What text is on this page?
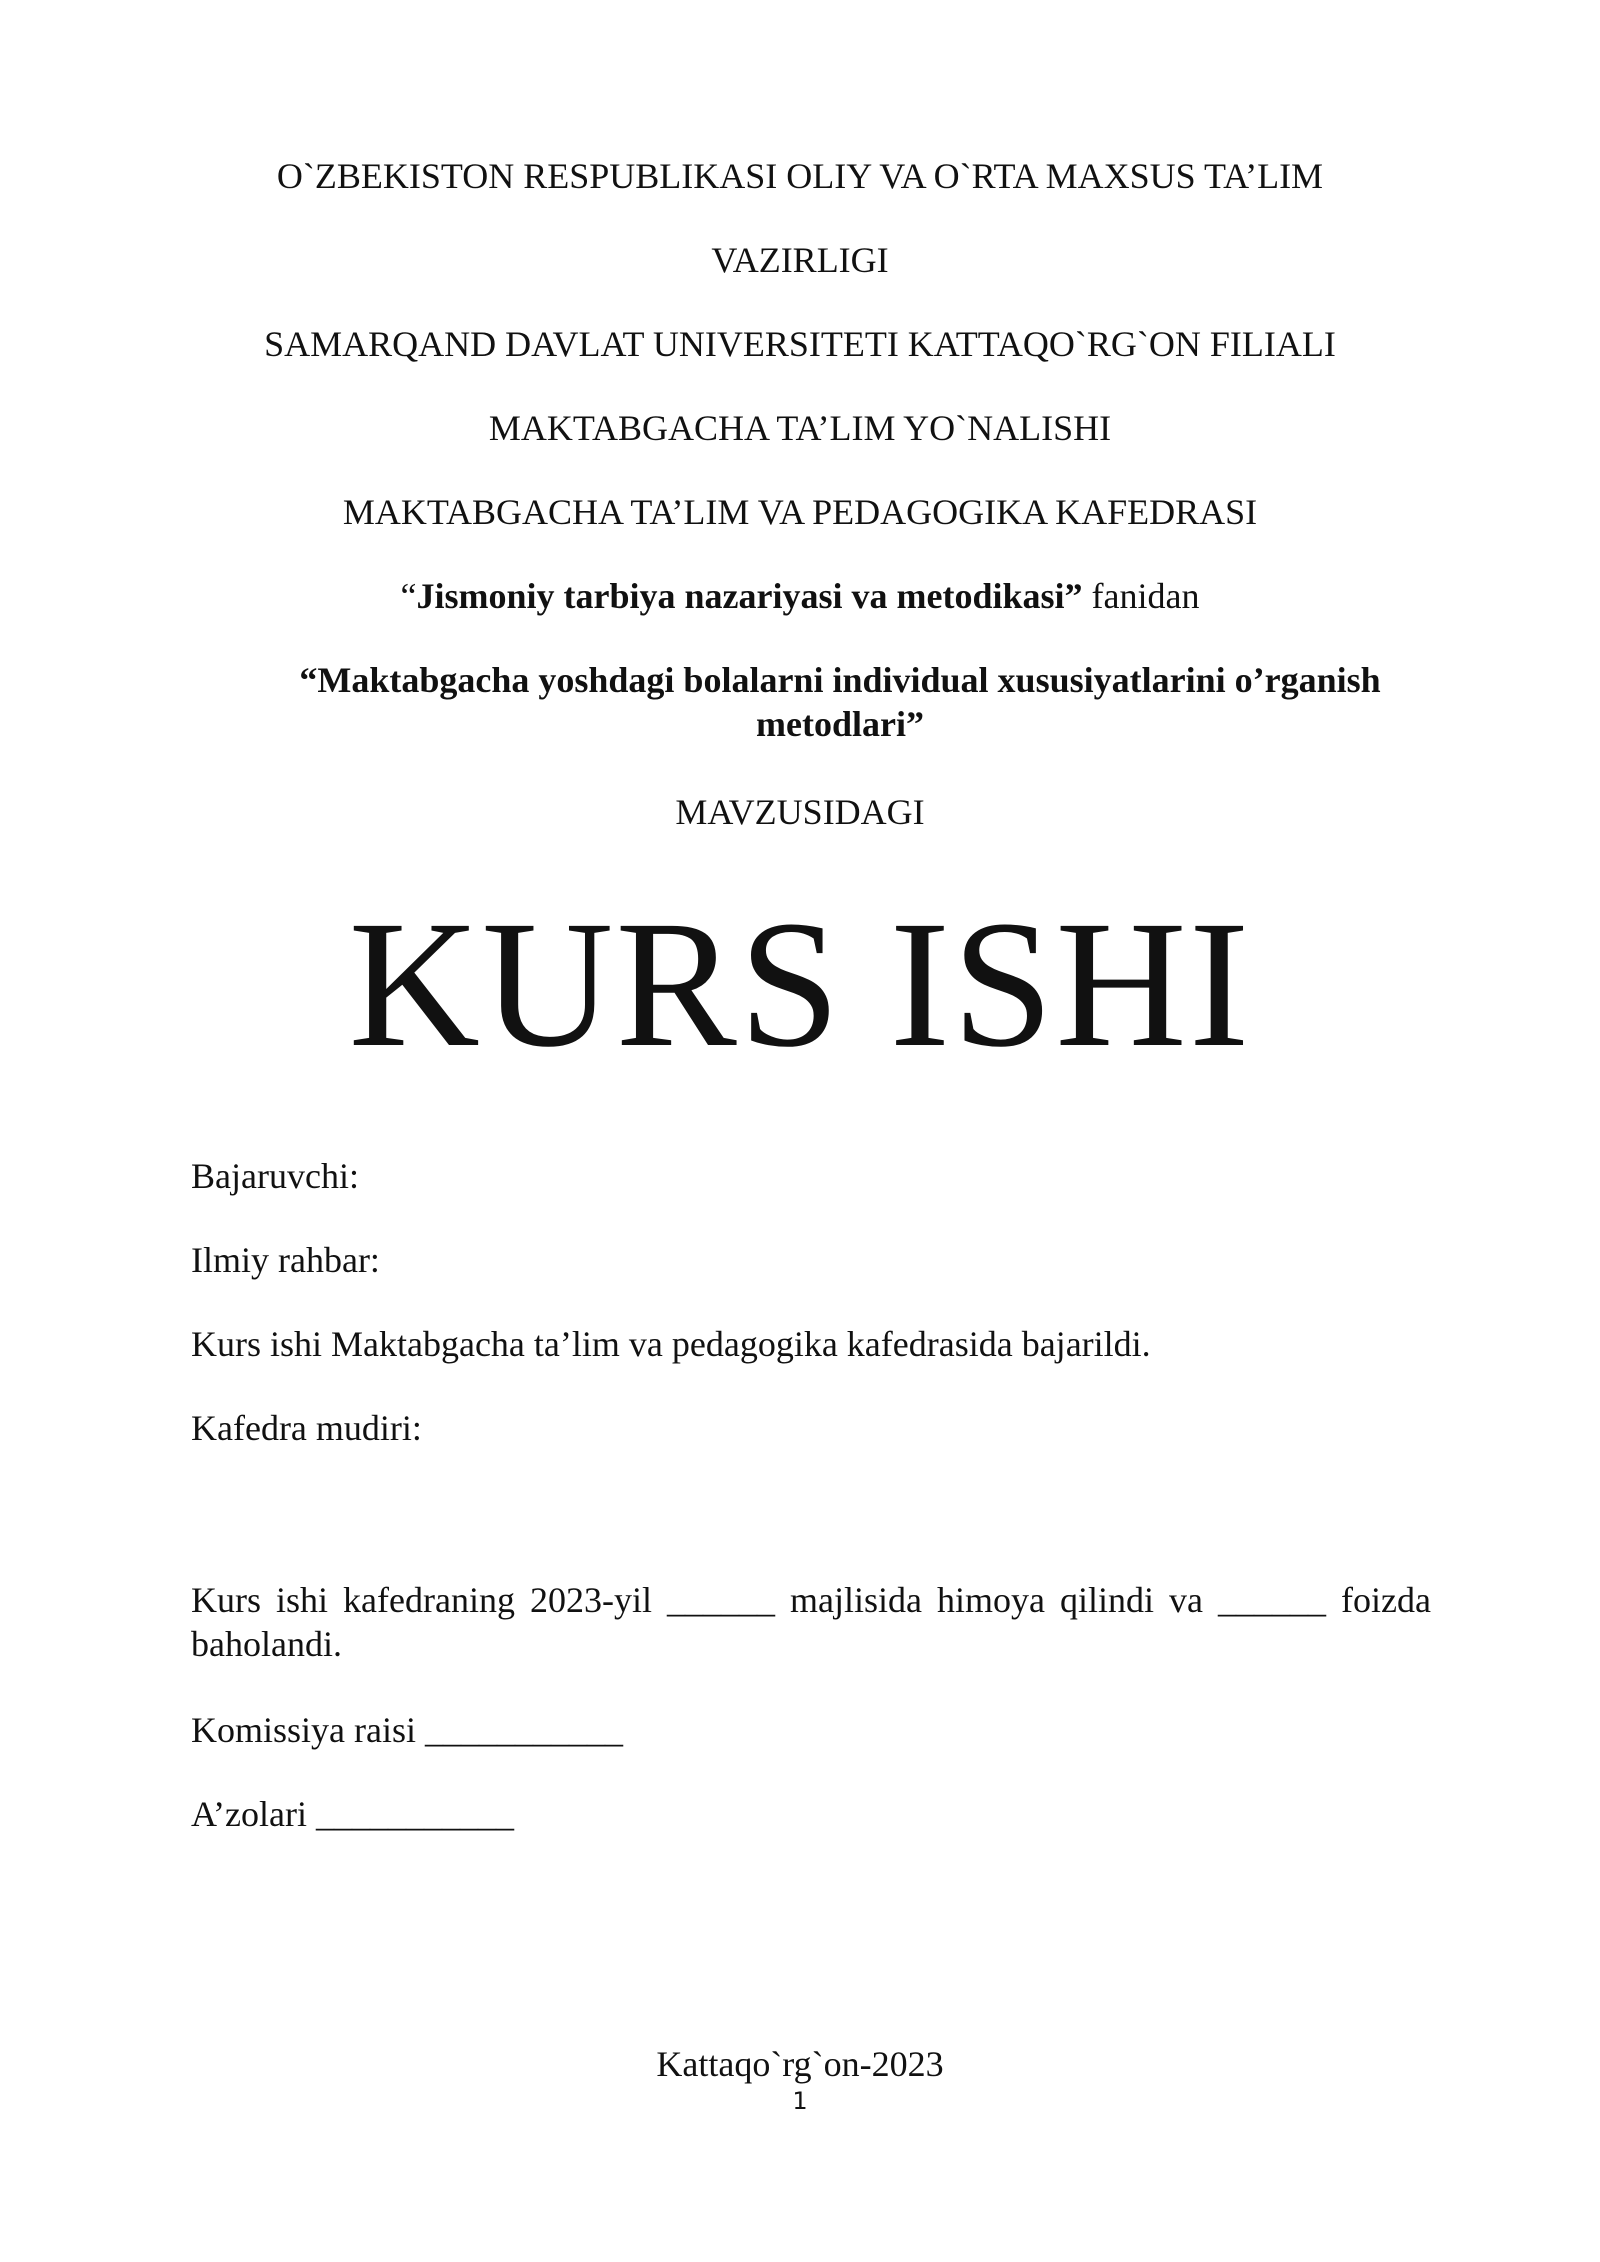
O`ZBEKISTON RESPUBLIKASI OLIY VA O`RTA MAXSUS TA’LIM
VAZIRLIGI
SAMARQAND DAVLAT UNIVERSITETI KATTAQO`RG`ON FILIALI
MAKTABGACHA TA’LIM YO`NALISHI
MAKTABGACHA TA’LIM VA PEDAGOGIKA KAFEDRASI
“Jismoniy tarbiya nazariyasi va metodikasi” fanidan
“Maktabgacha yoshdagi bolalarni individual xususiyatlarini o’rganish
metodlari”
MAVZUSIDAGI
KURS ISHI
Bajaruvchi:
Ilmiy rahbar:
Kurs ishi Maktabgacha ta’lim va pedagogika kafedrasida bajarildi.
Kafedra mudiri:
Kurs ishi kafedraning 2023-yil ______ majlisida himoya qilindi va ______ foizda baholandi.
Komissiya raisi ___________
A’zolari ___________
Kattaqo`rg`on-2023
1
